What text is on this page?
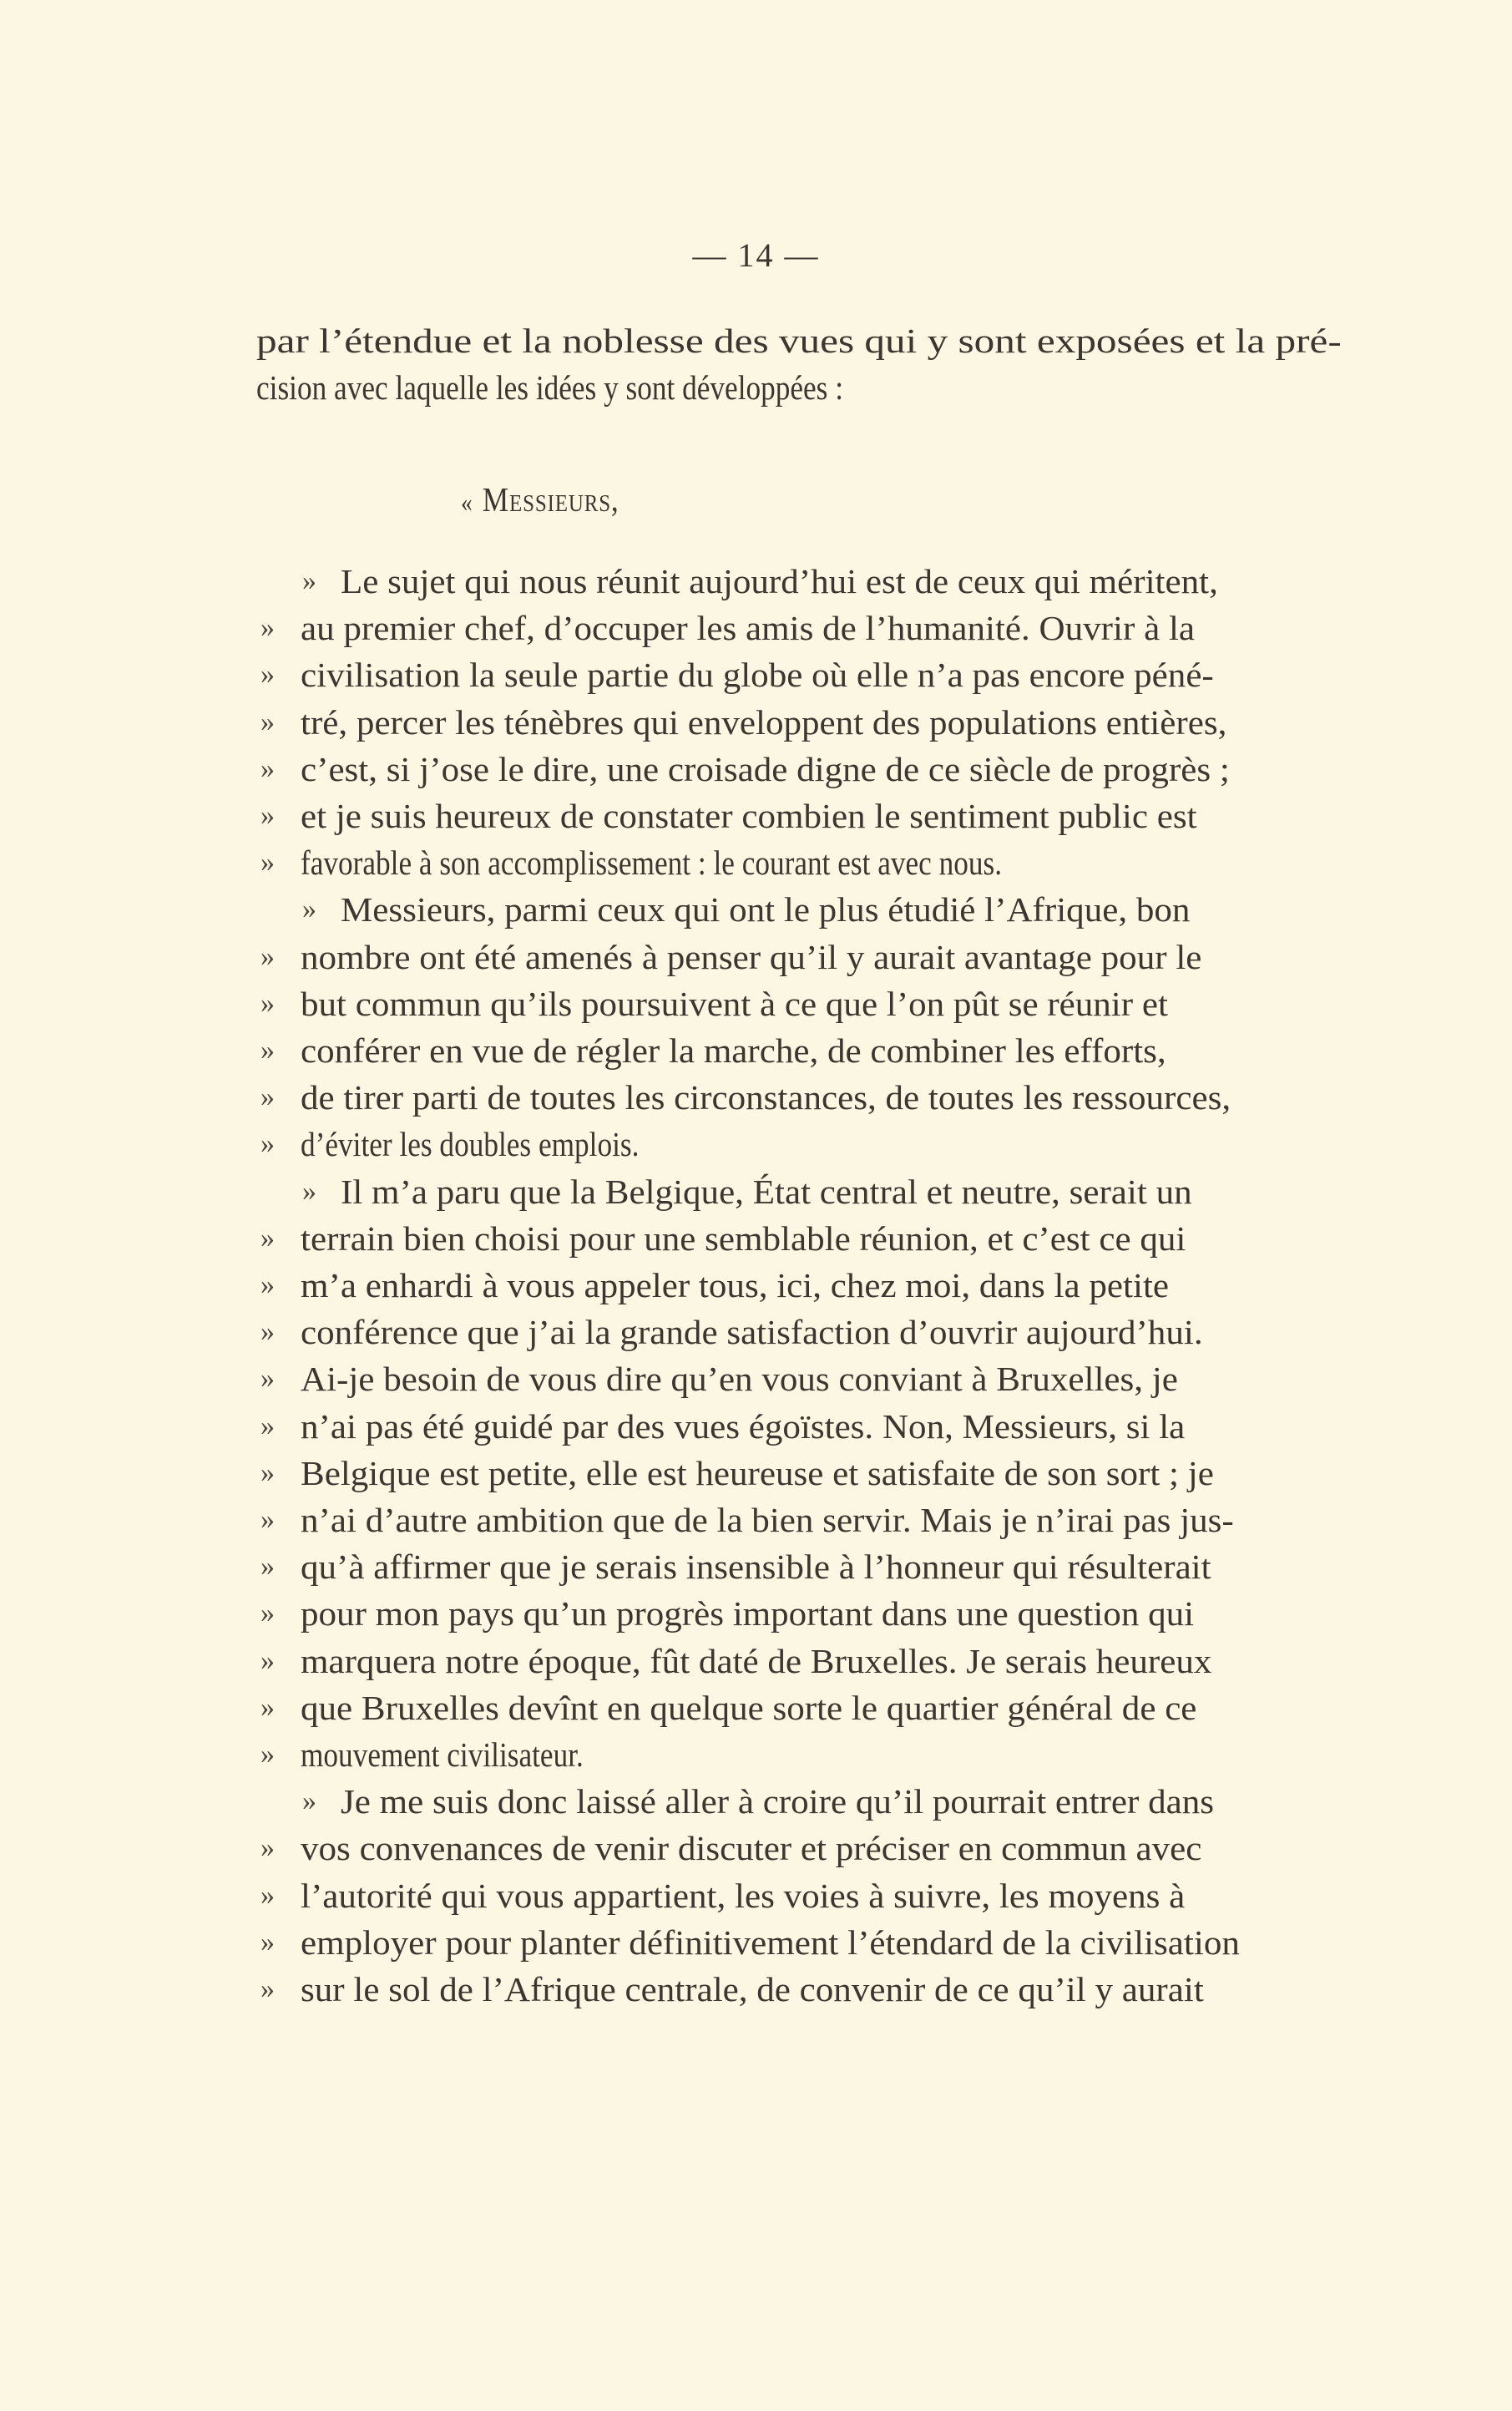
— 14 —
par l’étendue et la noblesse des vues qui y sont exposées et la pré-
cision avec laquelle les idées y sont développées :
« Messieurs,
» Le sujet qui nous réunit aujourd’hui est de ceux qui méritent,
» au premier chef, d’occuper les amis de l’humanité. Ouvrir à la
» civilisation la seule partie du globe où elle n’a pas encore péné-
» tré, percer les ténèbres qui enveloppent des populations entières,
» c’est, si j’ose le dire, une croisade digne de ce siècle de progrès ;
» et je suis heureux de constater combien le sentiment public est
» favorable à son accomplissement : le courant est avec nous.
» Messieurs, parmi ceux qui ont le plus étudié l’Afrique, bon
» nombre ont été amenés à penser qu’il y aurait avantage pour le
» but commun qu’ils poursuivent à ce que l’on pût se réunir et
» conférer en vue de régler la marche, de combiner les efforts,
» de tirer parti de toutes les circonstances, de toutes les ressources,
» d’éviter les doubles emplois.
» Il m’a paru que la Belgique, État central et neutre, serait un
» terrain bien choisi pour une semblable réunion, et c’est ce qui
» m’a enhardi à vous appeler tous, ici, chez moi, dans la petite
» conférence que j’ai la grande satisfaction d’ouvrir aujourd’hui.
» Ai-je besoin de vous dire qu’en vous conviant à Bruxelles, je
» n’ai pas été guidé par des vues égoïstes. Non, Messieurs, si la
» Belgique est petite, elle est heureuse et satisfaite de son sort ; je
» n’ai d’autre ambition que de la bien servir. Mais je n’irai pas jus-
» qu’à affirmer que je serais insensible à l’honneur qui résulterait
» pour mon pays qu’un progrès important dans une question qui
» marquera notre époque, fût daté de Bruxelles. Je serais heureux
» que Bruxelles devînt en quelque sorte le quartier général de ce
» mouvement civilisateur.
» Je me suis donc laissé aller à croire qu’il pourrait entrer dans
» vos convenances de venir discuter et préciser en commun avec
» l’autorité qui vous appartient, les voies à suivre, les moyens à
» employer pour planter définitivement l’étendard de la civilisation
» sur le sol de l’Afrique centrale, de convenir de ce qu’il y aurait
